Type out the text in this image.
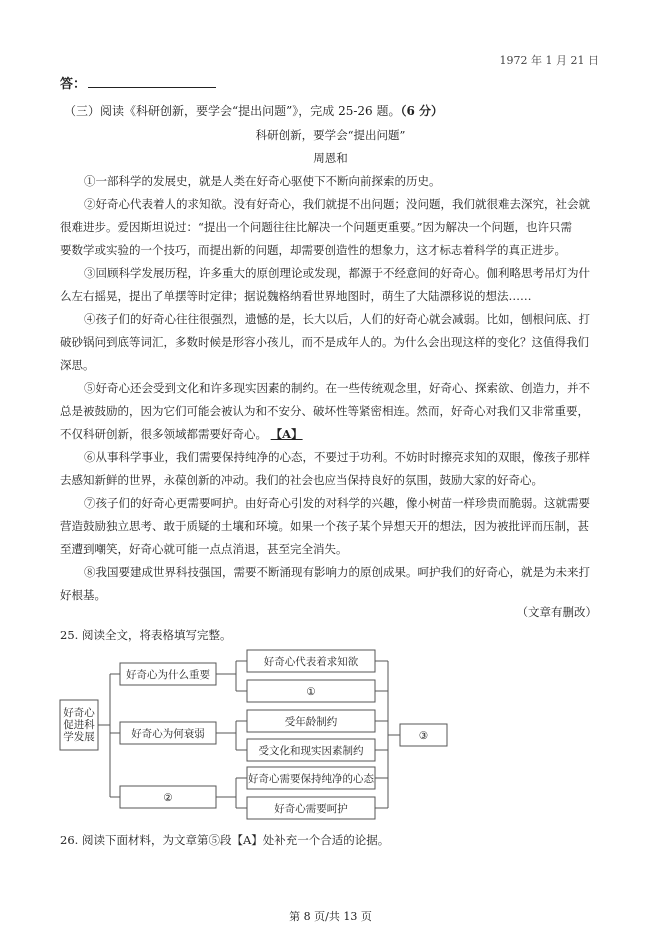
1972 年 1 月 21 日
答：
（三）阅读《科研创新，要学会“提出问题”》，完成 25-26 题。（6 分）
科研创新，要学会“提出问题”
周恩和
①一部科学的发展史，就是人类在好奇心驱使下不断向前探索的历史。
②好奇心代表着人的求知欲。没有好奇心，我们就提不出问题；没问题，我们就很难去深究，社会就
很难进步。爱因斯坦说过：“提出一个问题往往比解决一个问题更重要。”因为解决一个问题，也许只需
要数学或实验的一个技巧，而提出新的问题，却需要创造性的想象力，这才标志着科学的真正进步。
③回顾科学发展历程，许多重大的原创理论或发现，都源于不经意间的好奇心。伽利略思考吊灯为什
么左右摇晃，提出了单摆等时定律；据说魏格纳看世界地图时，萌生了大陆漂移说的想法……
④孩子们的好奇心往往很强烈，遗憾的是，长大以后，人们的好奇心就会减弱。比如，刨根问底、打
破砂锅问到底等词汇，多数时候是形容小孩儿，而不是成年人的。为什么会出现这样的变化？这值得我们
深思。
⑤好奇心还会受到文化和许多现实因素的制约。在一些传统观念里，好奇心、探索欲、创造力，并不
总是被鼓励的，因为它们可能会被认为和不安分、破坏性等紧密相连。然而，好奇心对我们又非常重要，
不仅科研创新，很多领域都需要好奇心。 【A】
⑥从事科学事业，我们需要保持纯净的心态，不要过于功利。不妨时时擦亮求知的双眼，像孩子那样
去感知新鲜的世界，永葆创新的冲动。我们的社会也应当保持良好的氛围，鼓励大家的好奇心。
⑦孩子们的好奇心更需要呵护。由好奇心引发的对科学的兴趣，像小树苗一样珍贵而脆弱。这就需要
营造鼓励独立思考、敢于质疑的土壤和环境。如果一个孩子某个异想天开的想法，因为被批评而压制，甚
至遭到嘲笑，好奇心就可能一点点消退，甚至完全消失。
⑧我国要建成世界科技强国，需要不断涌现有影响力的原创成果。呵护我们的好奇心，就是为未来打
好根基。
（文章有删改）
25. 阅读全文，将表格填写完整。
好奇心
促进科
学发展
好奇心为什么重要
好奇心代表着求知欲
①
好奇心为何衰弱
受年龄制约
受文化和现实因素制约
②
好奇心需要保持纯净的心态
好奇心需要呵护
③
26. 阅读下面材料，为文章第⑤段【A】处补充一个合适的论据。
第 8 页/共 13 页
